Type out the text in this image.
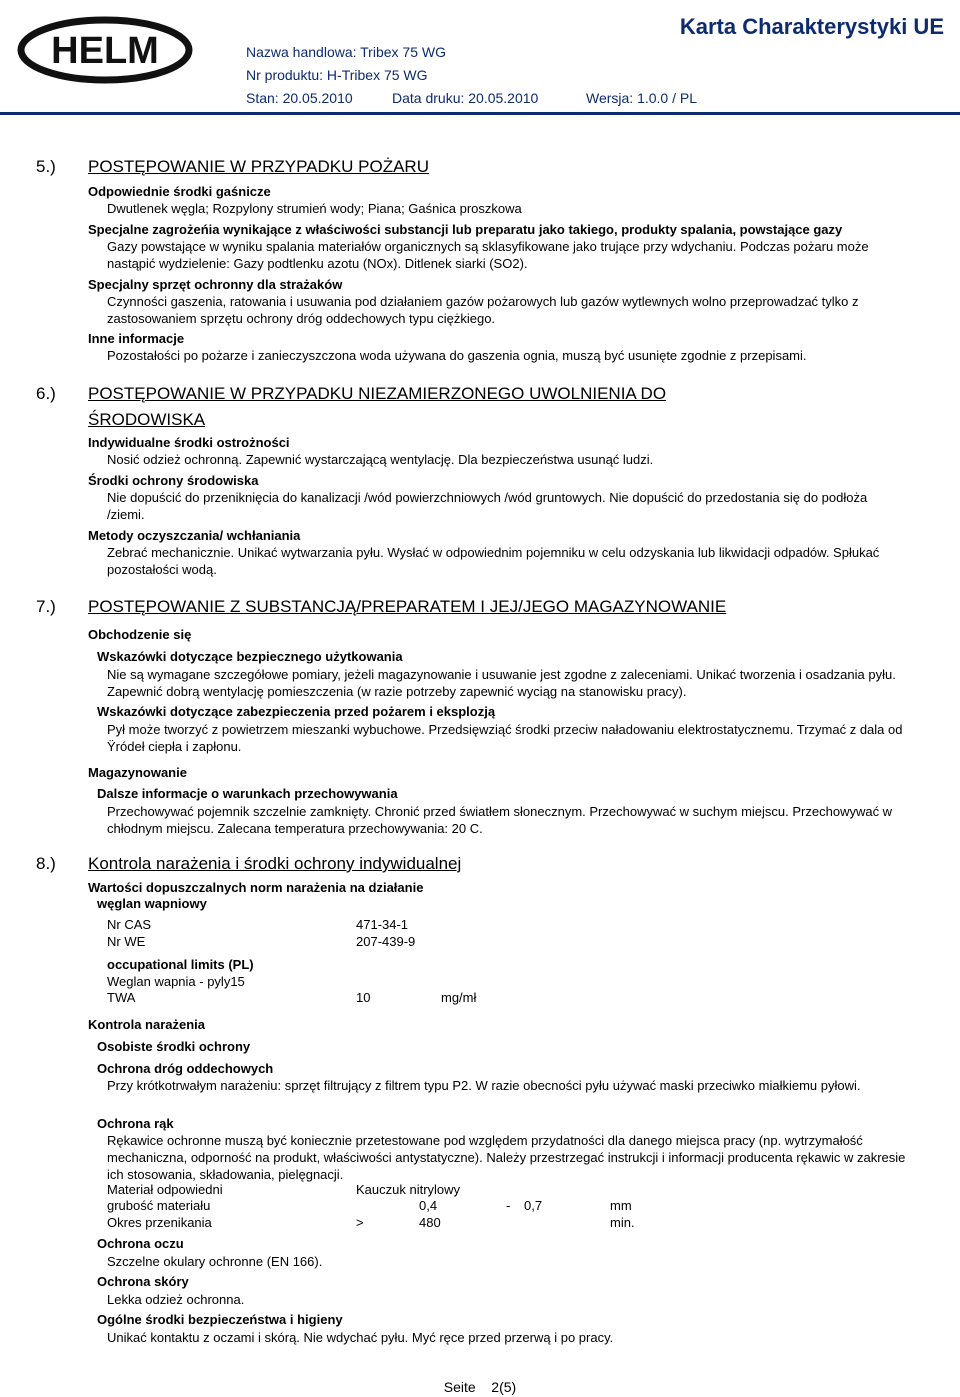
HELM
Karta Charakterystyki UE
Nazwa handlowa: Tribex 75 WG
Nr produktu: H-Tribex 75 WG
Stan: 20.05.2010	Data druku: 20.05.2010	Wersja: 1.0.0 / PL
5.) POSTĘPOWANIE W PRZYPADKU POŻARU
Odpowiednie środki gaśnicze
Dwutlenek węgla; Rozpylony strumień wody; Piana; Gaśnica proszkowa
Specjalne zagrożeńia wynikające z właściwości substancji lub preparatu jako takiego, produkty spalania, powstające gazy
Gazy powstające w wyniku spalania materiałów organicznych są sklasyfikowane jako trujące przy wdychaniu. Podczas pożaru może nastąpić wydzielenie: Gazy podtlenku azotu (NOx). Ditlenek siarki (SO2).
Specjalny sprzęt ochronny dla strażaków
Czynności gaszenia, ratowania i usuwania pod działaniem gazów pożarowych lub gazów wytlewnych wolno przeprowadzać tylko z zastosowaniem sprzętu ochrony dróg oddechowych typu ciężkiego.
Inne informacje
Pozostałości po pożarze i zanieczyszczona woda używana do gaszenia ognia, muszą być usunięte zgodnie z przepisami.
6.) POSTĘPOWANIE W PRZYPADKU NIEZAMIERZONEGO UWOLNIENIA DO
ŚRODOWISKA
Indywidualne środki ostrożności
Nosić odzież ochronną. Zapewnić wystarczającą wentylację. Dla bezpieczeństwa usunąć ludzi.
Środki ochrony środowiska
Nie dopuścić do przeniknięcia do kanalizacji /wód powierzchniowych /wód gruntowych. Nie dopuścić do przedostania się do podłoża /ziemi.
Metody oczyszczania/ wchłaniania
Zebrać mechanicznie. Unikać wytwarzania pyłu. Wysłać w odpowiednim pojemniku w celu odzyskania lub likwidacji odpadów. Spłukać pozostałości wodą.
7.) POSTĘPOWANIE Z SUBSTANCJĄ/PREPARATEM I JEJ/JEGO MAGAZYNOWANIE
Obchodzenie się
Wskazówki dotyczące bezpiecznego użytkowania
Nie są wymagane szczegółowe pomiary, jeżeli magazynowanie i usuwanie jest zgodne z zaleceniami. Unikać tworzenia i osadzania pyłu. Zapewnić dobrą wentylację pomieszczenia (w razie potrzeby zapewnić wyciąg na stanowisku pracy).
Wskazówki dotyczące zabezpieczenia przed pożarem i eksplozją
Pył może tworzyć z powietrzem mieszanki wybuchowe. Przedsięwziąć środki przeciw naładowaniu elektrostatycznemu. Trzymać z dala od Ÿródeł ciepła i zapłonu.
Magazynowanie
Dalsze informacje o warunkach przechowywania
Przechowywać pojemnik szczelnie zamknięty. Chronić przed światłem słonecznym. Przechowywać w suchym miejscu. Przechowywać w chłodnym miejscu. Zalecana temperatura przechowywania: 20 C.
8.) Kontrola narażenia i środki ochrony indywidualnej
Wartości dopuszczalnych norm narażenia na działanie
węglan wapniowy
Nr CAS	471-34-1
Nr WE	207-439-9
occupational limits (PL)
Weglan wapnia - pyly15
TWA	10	mg/mł
Kontrola narażenia
Osobiste środki ochrony
Ochrona dróg oddechowych
Przy krótkotrwałym narażeniu: sprzęt filtrujący z filtrem typu P2. W razie obecności pyłu używać maski przeciwko miałkiemu pyłowi.
Ochrona rąk
Rękawice ochronne muszą być koniecznie przetestowane pod względem przydatności dla danego miejsca pracy (np. wytrzymałość mechaniczna, odporność na produkt, właściwości antystatyczne). Należy przestrzegać instrukcji i informacji producenta rękawic w zakresie ich stosowania, składowania, pielęgnacji.
Materiał odpowiedni	Kauczuk nitrylowy
grubość materiału	0,4	- 0,7	mm
Okres przenikania	>	480	min.
Ochrona oczu
Szczelne okulary ochronne (EN 166).
Ochrona skóry
Lekka odzież ochronna.
Ogólne środki bezpieczeństwa i higieny
Unikać kontaktu z oczami i skórą. Nie wdychać pyłu. Myć ręce przed przerwą i po pracy.
Seite 2(5)
